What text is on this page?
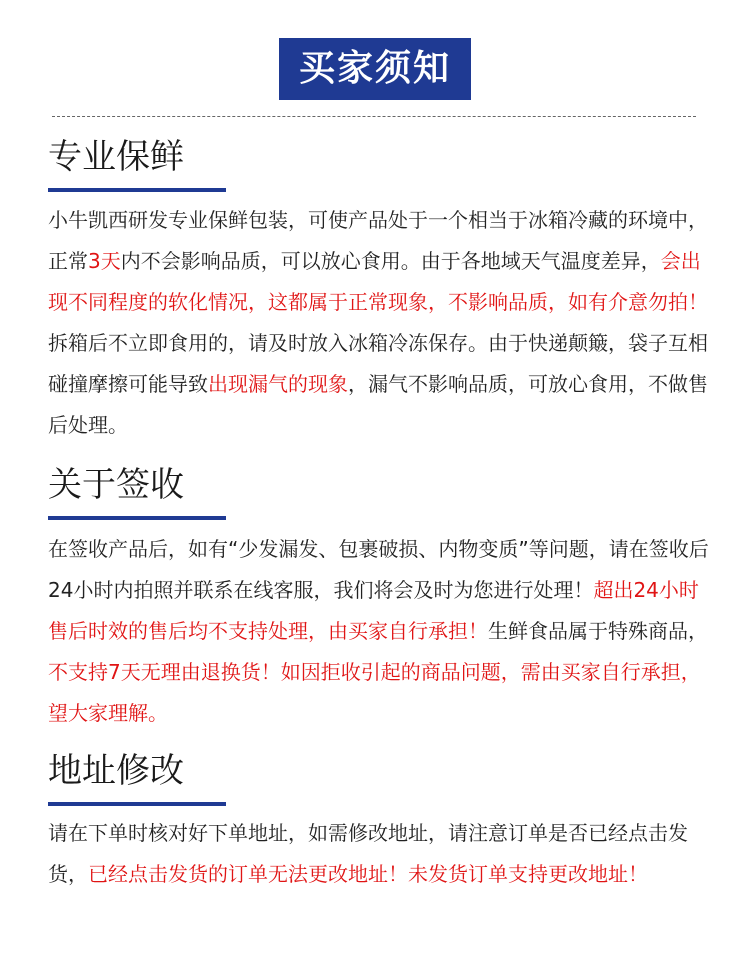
买家须知
专业保鲜

小牛凯西研发专业保鲜包装，可使产品处于一个相当于冰箱冷藏的环境中，正常3天内不会影响品质，可以放心食用。由于各地域天气温度差异，会出现不同程度的软化情况，这都属于正常现象，不影响品质，如有介意勿拍！拆箱后不立即食用的，请及时放入冰箱冷冻保存。由于快递颠簸，袋子互相碰撞摩擦可能导致出现漏气的现象，漏气不影响品质，可放心食用，不做售后处理。

关于签收

在签收产品后，如有“少发漏发、包裹破损、内物变质”等问题，请在签收后24小时内拍照并联系在线客服，我们将会及时为您进行处理！超出24小时售后时效的售后均不支持处理，由买家自行承担！生鲜食品属于特殊商品，不支持7天无理由退换货！如因拒收引起的商品问题，需由买家自行承担，望大家理解。

地址修改

请在下单时核对好下单地址，如需修改地址，请注意订单是否已经点击发货，已经点击发货的订单无法更改地址！未发货订单支持更改地址！
